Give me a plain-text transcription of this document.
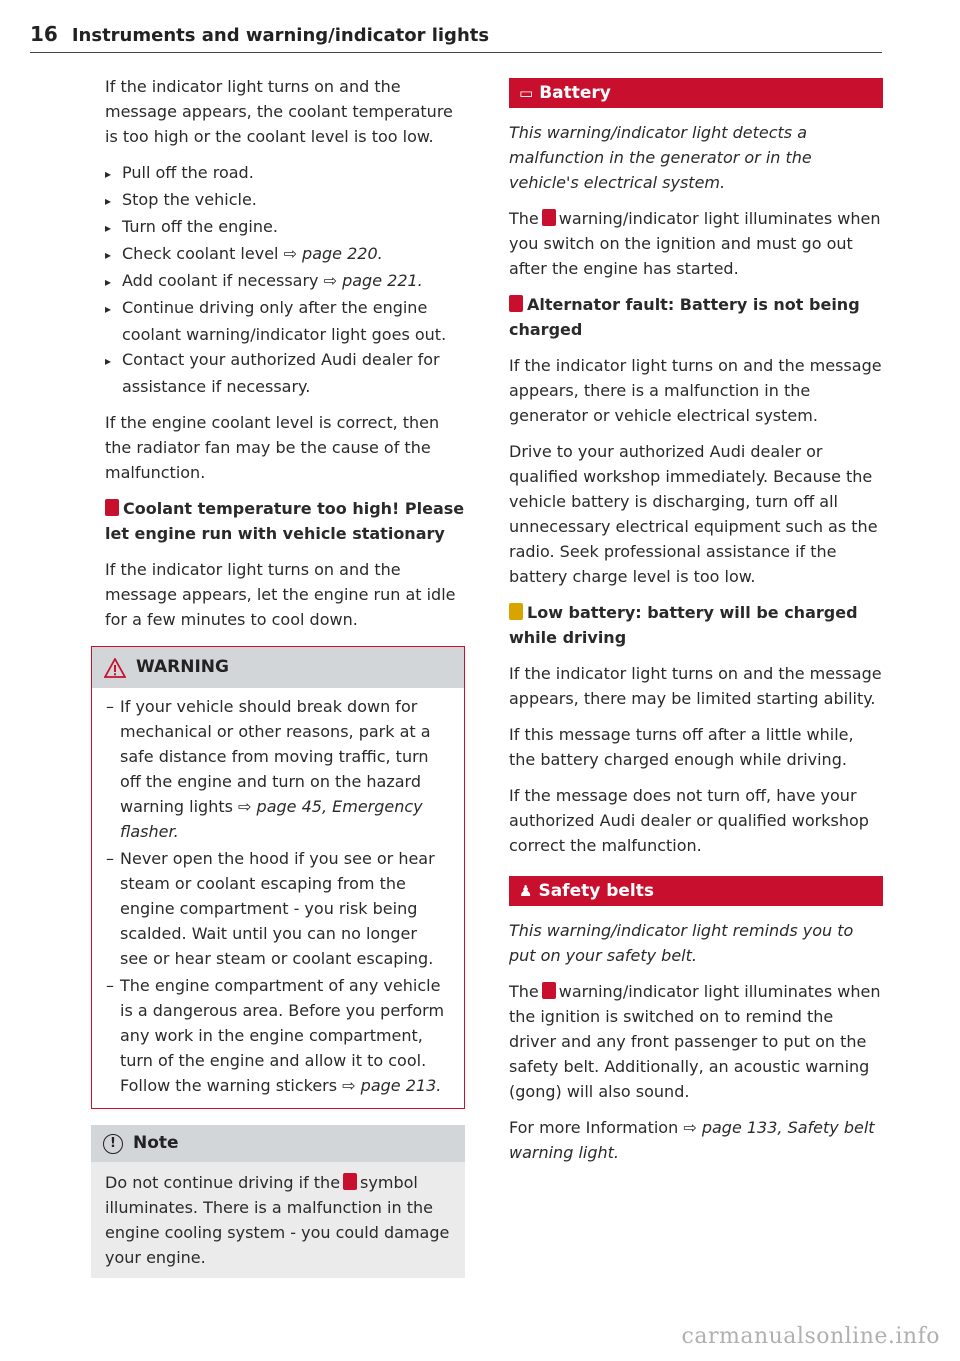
16 Instruments and warning/indicator lights

If the indicator light turns on and the message appears, the coolant temperature is too high or the coolant level is too low.

▸ Pull off the road.
▸ Stop the vehicle.
▸ Turn off the engine.
▸ Check coolant level ⇨ page 220.
▸ Add coolant if necessary ⇨ page 221.
▸ Continue driving only after the engine coolant warning/indicator light goes out.
▸ Contact your authorized Audi dealer for assistance if necessary.

If the engine coolant level is correct, then the radiator fan may be the cause of the malfunction.

Coolant temperature too high! Please let engine run with vehicle stationary

If the indicator light turns on and the message appears, let the engine run at idle for a few minutes to cool down.

WARNING
– If your vehicle should break down for mechanical or other reasons, park at a safe distance from moving traffic, turn off the engine and turn on the hazard warning lights ⇨ page 45, Emergency flasher.
– Never open the hood if you see or hear steam or coolant escaping from the engine compartment - you risk being scalded. Wait until you can no longer see or hear steam or coolant escaping.
– The engine compartment of any vehicle is a dangerous area. Before you perform any work in the engine compartment, turn of the engine and allow it to cool. Follow the warning stickers ⇨ page 213.
!	Note
Do not continue driving if the symbol illuminates. There is a malfunction in the engine cooling system - you could damage your engine.
▭ Battery

This warning/indicator light detects a malfunction in the generator or in the vehicle's electrical system.

The warning/indicator light illuminates when you switch on the ignition and must go out after the engine has started.

Alternator fault: Battery is not being charged

If the indicator light turns on and the message appears, there is a malfunction in the generator or vehicle electrical system.

Drive to your authorized Audi dealer or qualified workshop immediately. Because the vehicle battery is discharging, turn off all unnecessary electrical equipment such as the radio. Seek professional assistance if the battery charge level is too low.

Low battery: battery will be charged while driving

If the indicator light turns on and the message appears, there may be limited starting ability.

If this message turns off after a little while, the battery charged enough while driving.

If the message does not turn off, have your authorized Audi dealer or qualified workshop correct the malfunction.

♟ Safety belts

This warning/indicator light reminds you to put on your safety belt.

The warning/indicator light illuminates when the ignition is switched on to remind the driver and any front passenger to put on the safety belt. Additionally, an acoustic warning (gong) will also sound.

For more Information ⇨ page 133, Safety belt warning light.

carmanualsonline.info
